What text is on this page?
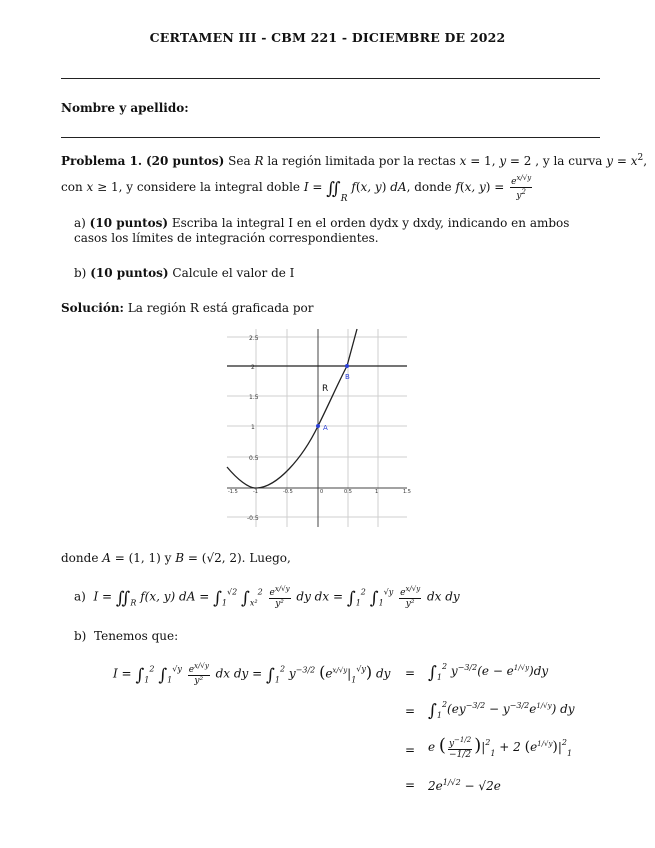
CERTAMEN III - CBM 221 - DICIEMBRE DE 2022
Nombre y apellido:
Problema 1. (20 puntos) Sea R la región limitada por la rectas x = 1, y = 2 , y la curva $y = x^2$,
con x ≥ 1, y considere la integral doble $I = ∬_R$ f(x, y) dA, donde f(x, $y) = \frac{e^{x/√y}}{y^2}$
a) (10 puntos) Escriba la integral I en el orden dydx y dxdy, indicando en ambos casos los límites de integración correspondientes.
b) (10 puntos) Calcule el valor de I
Solución: La región R está graficada por
2.5
2
1.5
1
0.5
-0.5
-1.5	-1	-0.5	0	0.5	1	1.5
R
A
B
donde A = (1, 1) y B = (√2, 2). Luego,
a)  $I = ∬_R$ f(x, y) dA = $\int_1^{√2}$ $\int_{x^2}^2 \frac{e^{x/√y}}{\text{y²}}$ dy dx = $\int_1^2$ $\int_1^{√y} \frac{e^{x/√y}}{\text{y²}}$ dx dy
b) Tenemos que:
$I = \int_1^2$ $\int_1^{√y} \frac{e^{x/√y}}{\text{y²}}$ dx dy = $\int_1^2$ $y^{-3/2}$ $(e^{x/√y}|_1^{√y})$ dy = $\int_1^2$ $y^{-3/2}(e - e^{1/√y})dy$
= $\int_1^2(ey^{-3/2} - y^{-3/2}e^{1/√y})$ dy
= e ( $\frac{y^{-1/2}}{-1/2} )|^2_1 + 2$ $(e^{1/√y})|^2_1$
= $2e^{1/√2} - √2e$
